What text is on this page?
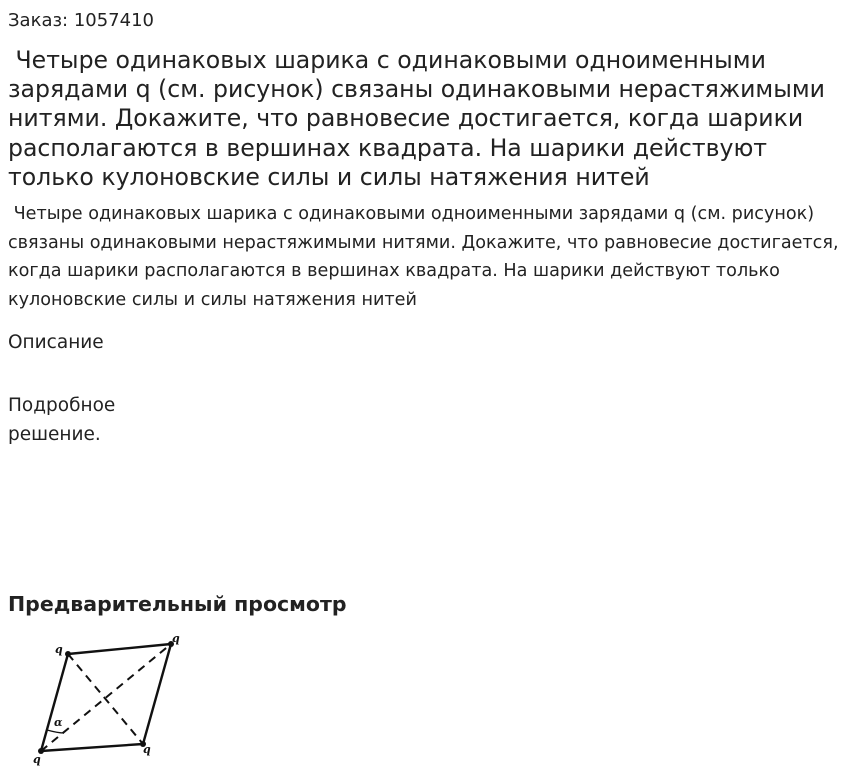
Заказ: 1057410
Четыре одинаковых шарика с одинаковыми одноименными зарядами q (см. рисунок) связаны одинаковыми нерастяжимыми нитями. Докажите, что равновесие достигается, когда шарики располагаются в вершинах квадрата. На шарики действуют только кулоновские силы и силы натяжения нитей

Четыре одинаковых шарика с одинаковыми одноименными зарядами q (см. рисунок) связаны одинаковыми нерастяжимыми нитями. Докажите, что равновесие достигается, когда шарики располагаются в вершинах квадрата. На шарики действуют только кулоновские силы и силы натяжения нитей

Описание
Подробное решение.
Предварительный просмотр
q
q
q
q
α
